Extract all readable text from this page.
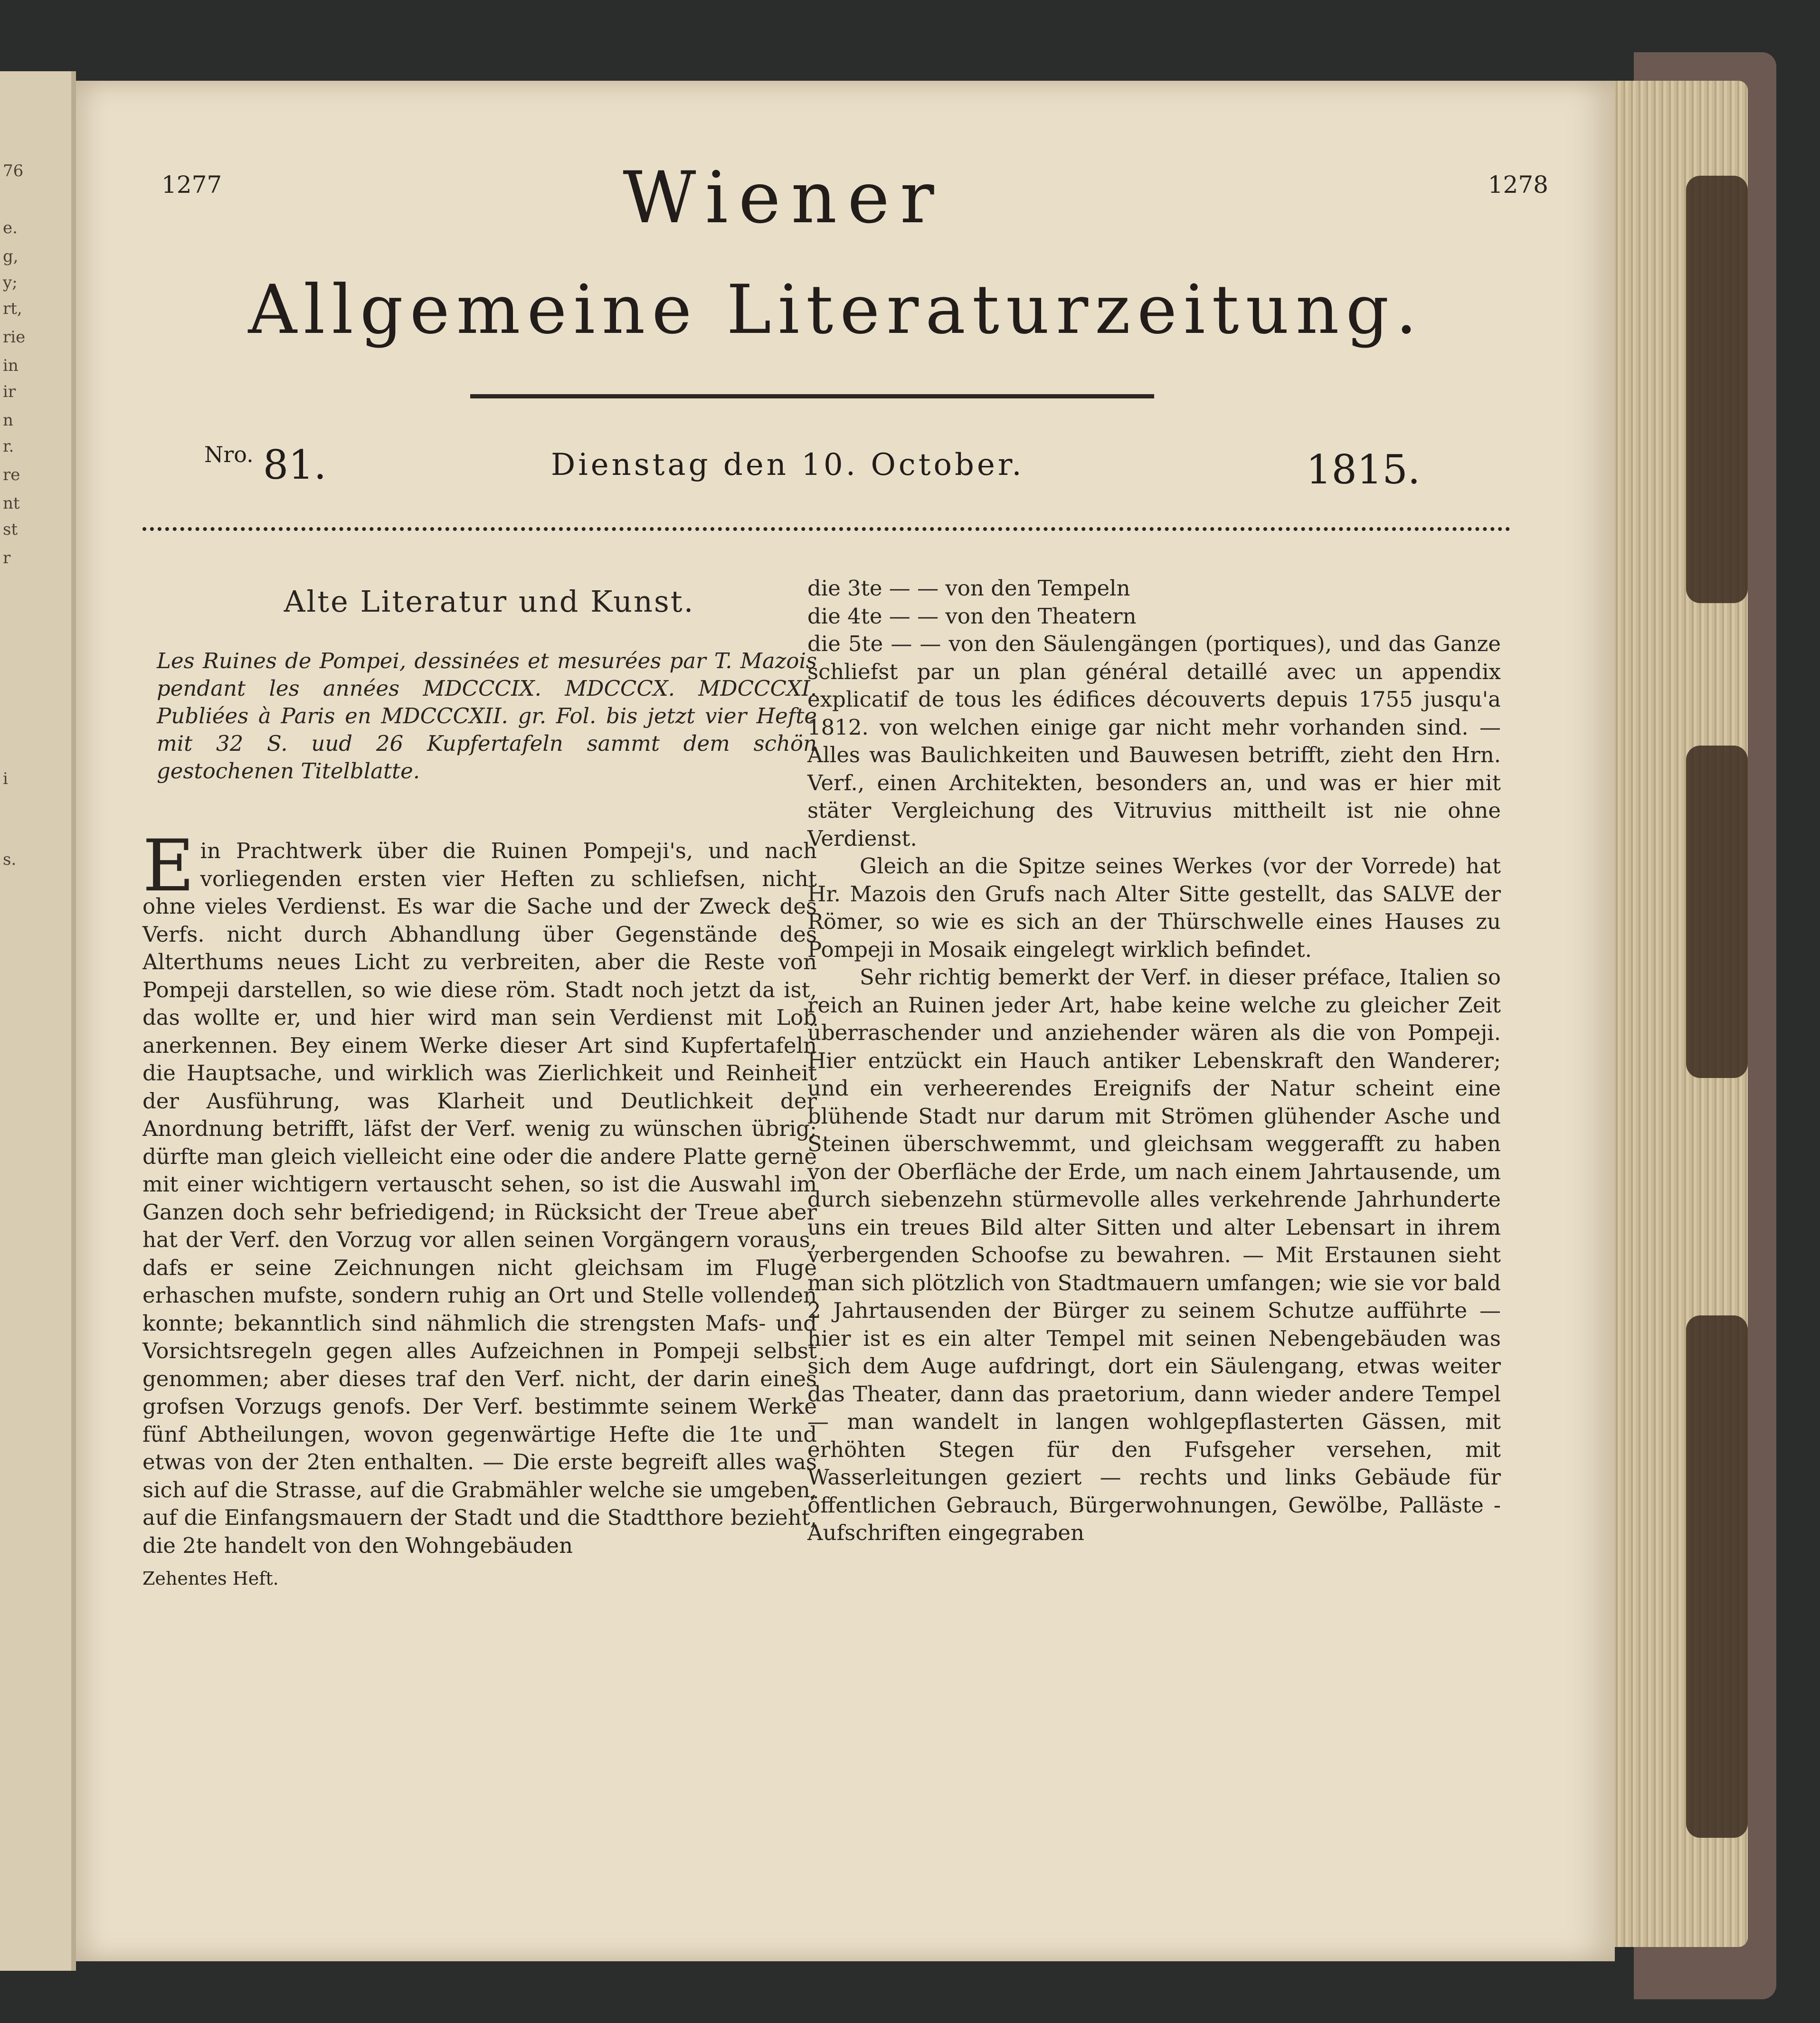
76
e.
g,
y;
rt,
rie
in
ir
n
r.
re
nt
st
r
i
s.
1277	1278
Wiener
Allgemeine Literaturzeitung.
$^{Nro.}$ 81.	Dienstag den 10. October.	1815.
Alte Literatur und Kunst.

Les Ruines de Pompei, dessinées et mesurées par T. Mazois pendant les années MDCCCIX. MDCCCX. MDCCCXI. Publiées à Paris en MDCCCXII. gr. Fol. bis jetzt vier Hefte mit 32 S. uud 26 Kupfertafeln sammt dem schön gestochenen Titelblatte.

Ein Prachtwerk über die Ruinen Pompeji's, und nach vorliegenden ersten vier Heften zu schliefsen, nicht ohne vieles Verdienst. Es war die Sache und der Zweck des Verfs. nicht durch Abhandlung über Gegenstände des Alterthums neues Licht zu verbreiten, aber die Reste von Pompeji darstellen, so wie diese röm. Stadt noch jetzt da ist, das wollte er, und hier wird man sein Verdienst mit Lob anerkennen. Bey einem Werke dieser Art sind Kupfertafeln die Hauptsache, und wirklich was Zierlichkeit und Reinheit der Ausführung, was Klarheit und Deutlichkeit der Anordnung betrifft, läfst der Verf. wenig zu wünschen übrig; dürfte man gleich vielleicht eine oder die andere Platte gerne mit einer wichtigern vertauscht sehen, so ist die Auswahl im Ganzen doch sehr befriedigend; in Rücksicht der Treue aber hat der Verf. den Vorzug vor allen seinen Vorgängern voraus, dafs er seine Zeichnungen nicht gleichsam im Fluge erhaschen mufste, sondern ruhig an Ort und Stelle vollenden konnte; bekanntlich sind nähmlich die strengsten Mafs- und Vorsichtsregeln gegen alles Aufzeichnen in Pompeji selbst genommen; aber dieses traf den Verf. nicht, der darin eines grofsen Vorzugs genofs. Der Verf. bestimmte seinem Werke fünf Abtheilungen, wovon gegenwärtige Hefte die 1te und etwas von der 2ten enthalten. — Die erste begreift alles was sich auf die Strasse, auf die Grabmähler welche sie umgeben, auf die Einfangsmauern der Stadt und die Stadtthore bezieht, die 2te handelt von den Wohngebäuden

Zehentes Heft.

die 3te — — von den Tempeln

die 4te — — von den Theatern

die 5te — — von den Säulengängen (portiques), und das Ganze schliefst par un plan général detaillé avec un appendix explicatif de tous les édifices découverts depuis 1755 jusqu'a 1812. von welchen einige gar nicht mehr vorhanden sind. — Alles was Baulichkeiten und Bauwesen betrifft, zieht den Hrn. Verf., einen Architekten, besonders an, und was er hier mit stäter Vergleichung des Vitruvius mittheilt ist nie ohne Verdienst.

Gleich an die Spitze seines Werkes (vor der Vorrede) hat Hr. Mazois den Grufs nach Alter Sitte gestellt, das SALVE der Römer, so wie es sich an der Thürschwelle eines Hauses zu Pompeji in Mosaik eingelegt wirklich befindet.

Sehr richtig bemerkt der Verf. in dieser préface, Italien so reich an Ruinen jeder Art, habe keine welche zu gleicher Zeit überraschender und anziehender wären als die von Pompeji. Hier entzückt ein Hauch antiker Lebenskraft den Wanderer; und ein verheerendes Ereignifs der Natur scheint eine blühende Stadt nur darum mit Strömen glühender Asche und Steinen überschwemmt, und gleichsam weggerafft zu haben von der Oberfläche der Erde, um nach einem Jahrtausende, um durch siebenzehn stürmevolle alles verkehrende Jahrhunderte uns ein treues Bild alter Sitten und alter Lebensart in ihrem verbergenden Schoofse zu bewahren. — Mit Erstaunen sieht man sich plötzlich von Stadtmauern umfangen; wie sie vor bald 2 Jahrtausenden der Bürger zu seinem Schutze aufführte — hier ist es ein alter Tempel mit seinen Nebengebäuden was sich dem Auge aufdringt, dort ein Säulengang, etwas weiter das Theater, dann das praetorium, dann wieder andere Tempel — man wandelt in langen wohlgepflasterten Gässen, mit erhöhten Stegen für den Fufsgeher versehen, mit Wasserleitungen geziert — rechts und links Gebäude für öffentlichen Gebrauch, Bürgerwohnungen, Gewölbe, Palläste - Aufschriften eingegraben
